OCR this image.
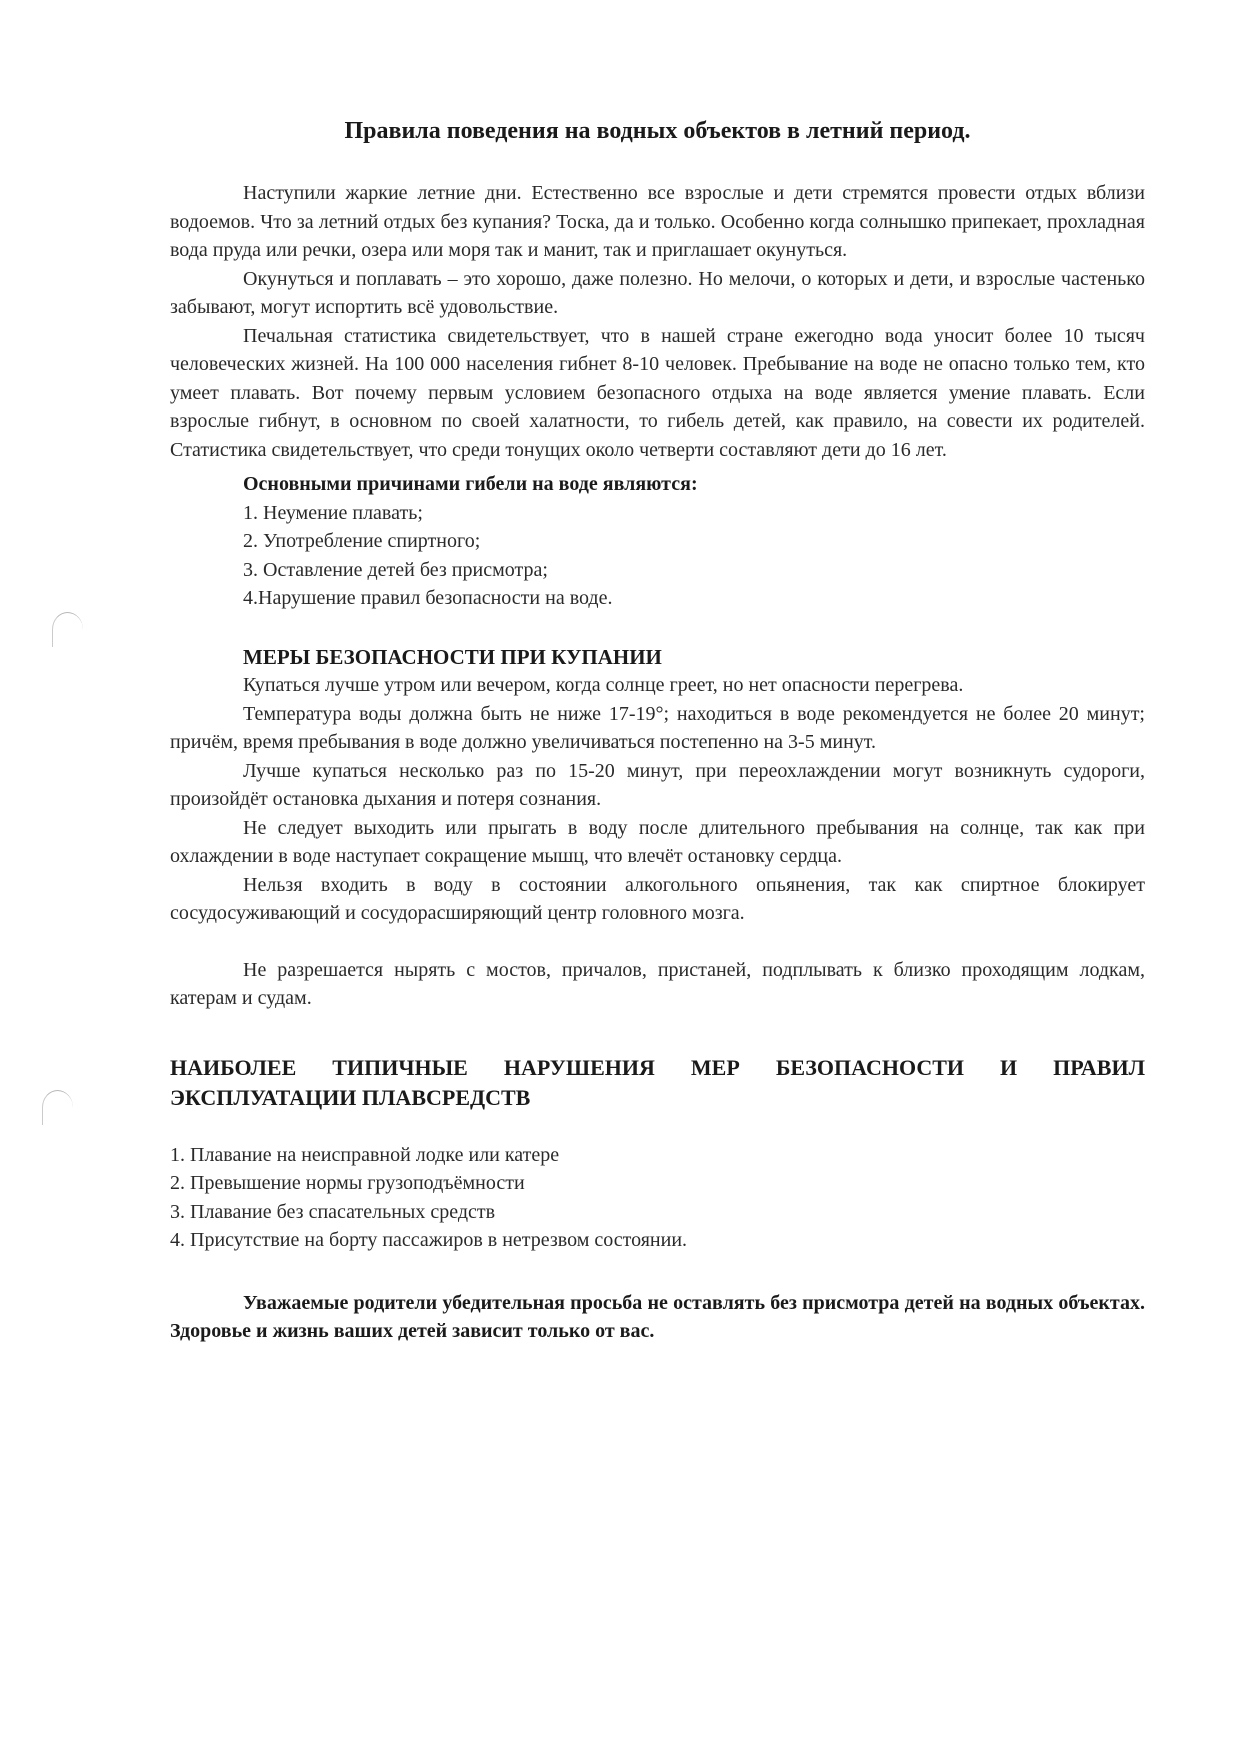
Правила поведения на водных объектов в летний период.

Наступили жаркие летние дни. Естественно все взрослые и дети стремятся провести отдых вблизи водоемов. Что за летний отдых без купания? Тоска, да и только. Особенно когда солнышко припекает, прохладная вода пруда или речки, озера или моря так и манит, так и приглашает окунуться.

Окунуться и поплавать – это хорошо, даже полезно. Но мелочи, о которых и дети, и взрослые частенько забывают, могут испортить всё удовольствие.

Печальная статистика свидетельствует, что в нашей стране ежегодно вода уносит более 10 тысяч человеческих жизней. На 100 000 населения гибнет 8-10 человек. Пребывание на воде не опасно только тем, кто умеет плавать. Вот почему первым условием безопасного отдыха на воде является умение плавать. Если взрослые гибнут, в основном по своей халатности, то гибель детей, как правило, на совести их родителей. Статистика свидетельствует, что среди тонущих около четверти составляют дети до 16 лет.

Основными причинами гибели на воде являются:
1. Неумение плавать;
2. Употребление спиртного;
3. Оставление детей без присмотра;
4.Нарушение правил безопасности на воде.
МЕРЫ БЕЗОПАСНОСТИ ПРИ КУПАНИИ

Купаться лучше утром или вечером, когда солнце греет, но нет опасности перегрева.

Температура воды должна быть не ниже 17-19°; находиться в воде рекомендуется не более 20 минут; причём, время пребывания в воде должно увеличиваться постепенно на 3-5 минут.

Лучше купаться несколько раз по 15-20 минут, при переохлаждении могут возникнуть судороги, произойдёт остановка дыхания и потеря сознания.

Не следует выходить или прыгать в воду после длительного пребывания на солнце, так как при охлаждении в воде наступает сокращение мышц, что влечёт остановку сердца.

Нельзя входить в воду в состоянии алкогольного опьянения, так как спиртное блокирует сосудосуживающий и сосудорасширяющий центр головного мозга.

Не разрешается нырять с мостов, причалов, пристаней, подплывать к близко проходящим лодкам, катерам и судам.

НАИБОЛЕЕ ТИПИЧНЫЕ НАРУШЕНИЯ МЕР БЕЗОПАСНОСТИ И ПРАВИЛ ЭКСПЛУАТАЦИИ ПЛАВСРЕДСТВ
1. Плавание на неисправной лодке или катере
2. Превышение нормы грузоподъёмности
3. Плавание без спасательных средств
4. Присутствие на борту пассажиров в нетрезвом состоянии.

Уважаемые родители убедительная просьба не оставлять без присмотра детей на водных объектах. Здоровье и жизнь ваших детей зависит только от вас.
